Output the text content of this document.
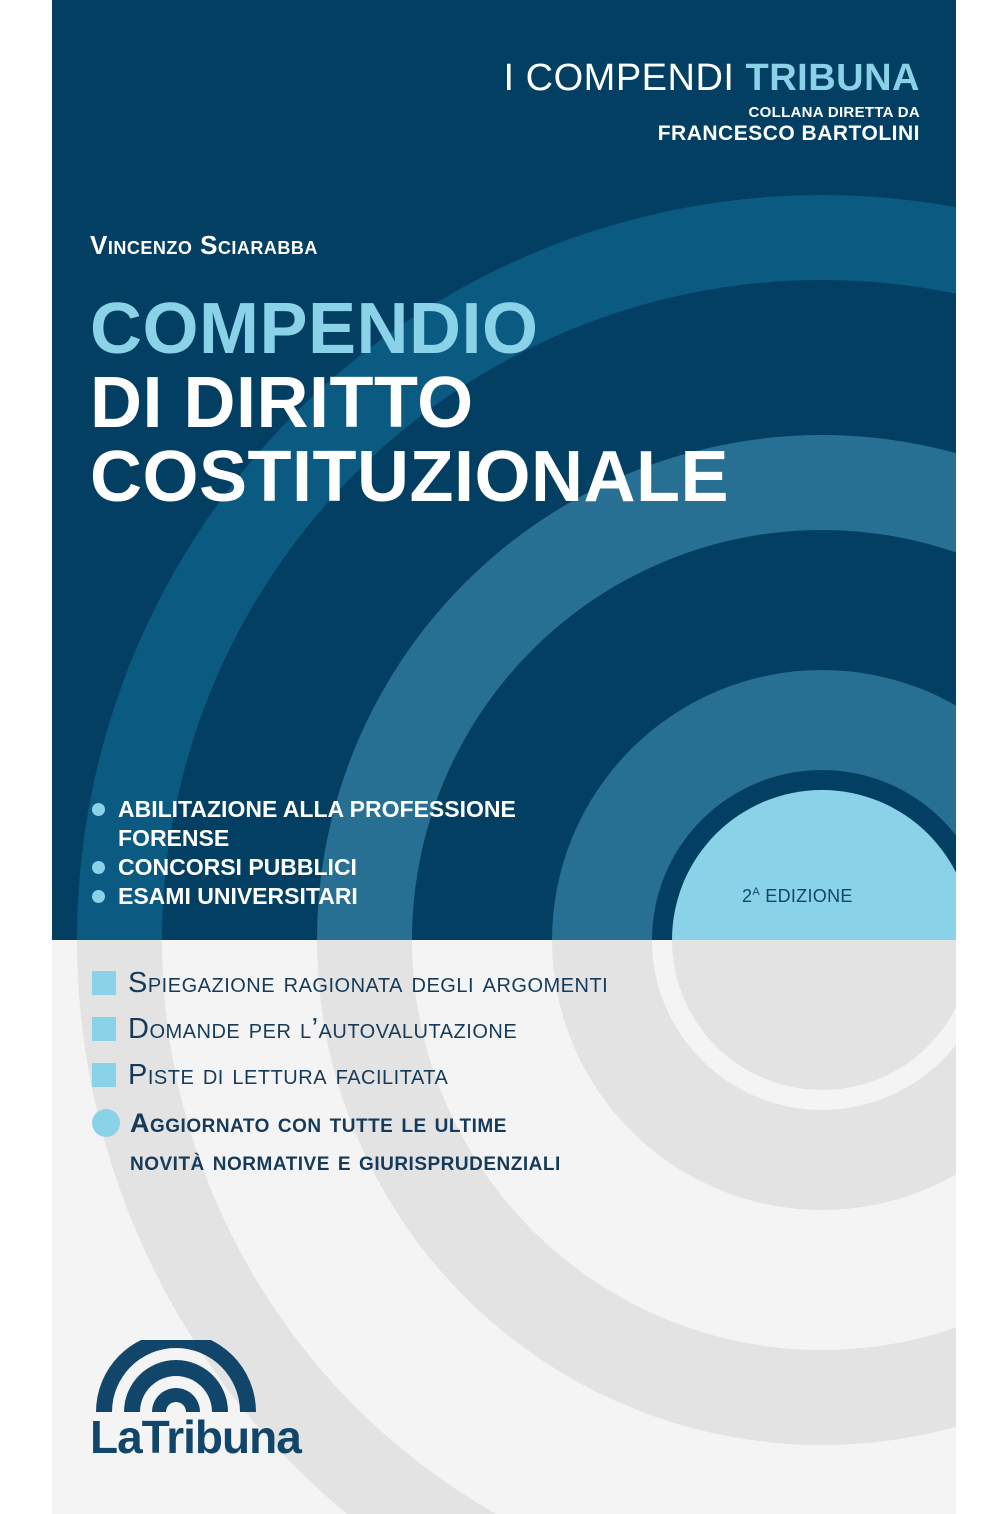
I COMPENDI TRIBUNA
COLLANA DIRETTA DA
FRANCESCO BARTOLINI
Vincenzo Sciarabba
COMPENDIO
DI DIRITTO
COSTITUZIONALE
ABILITAZIONE ALLA PROFESSIONE
FORENSE
CONCORSI PUBBLICI
ESAMI UNIVERSITARI	$2^A$ EDIZIONE
Spiegazione ragionata degli argomenti
Domande per l’autovalutazione
Piste di lettura facilitata
Aggiornato con tutte le ultime
novità normative e giurisprudenziali
LaTribuna
